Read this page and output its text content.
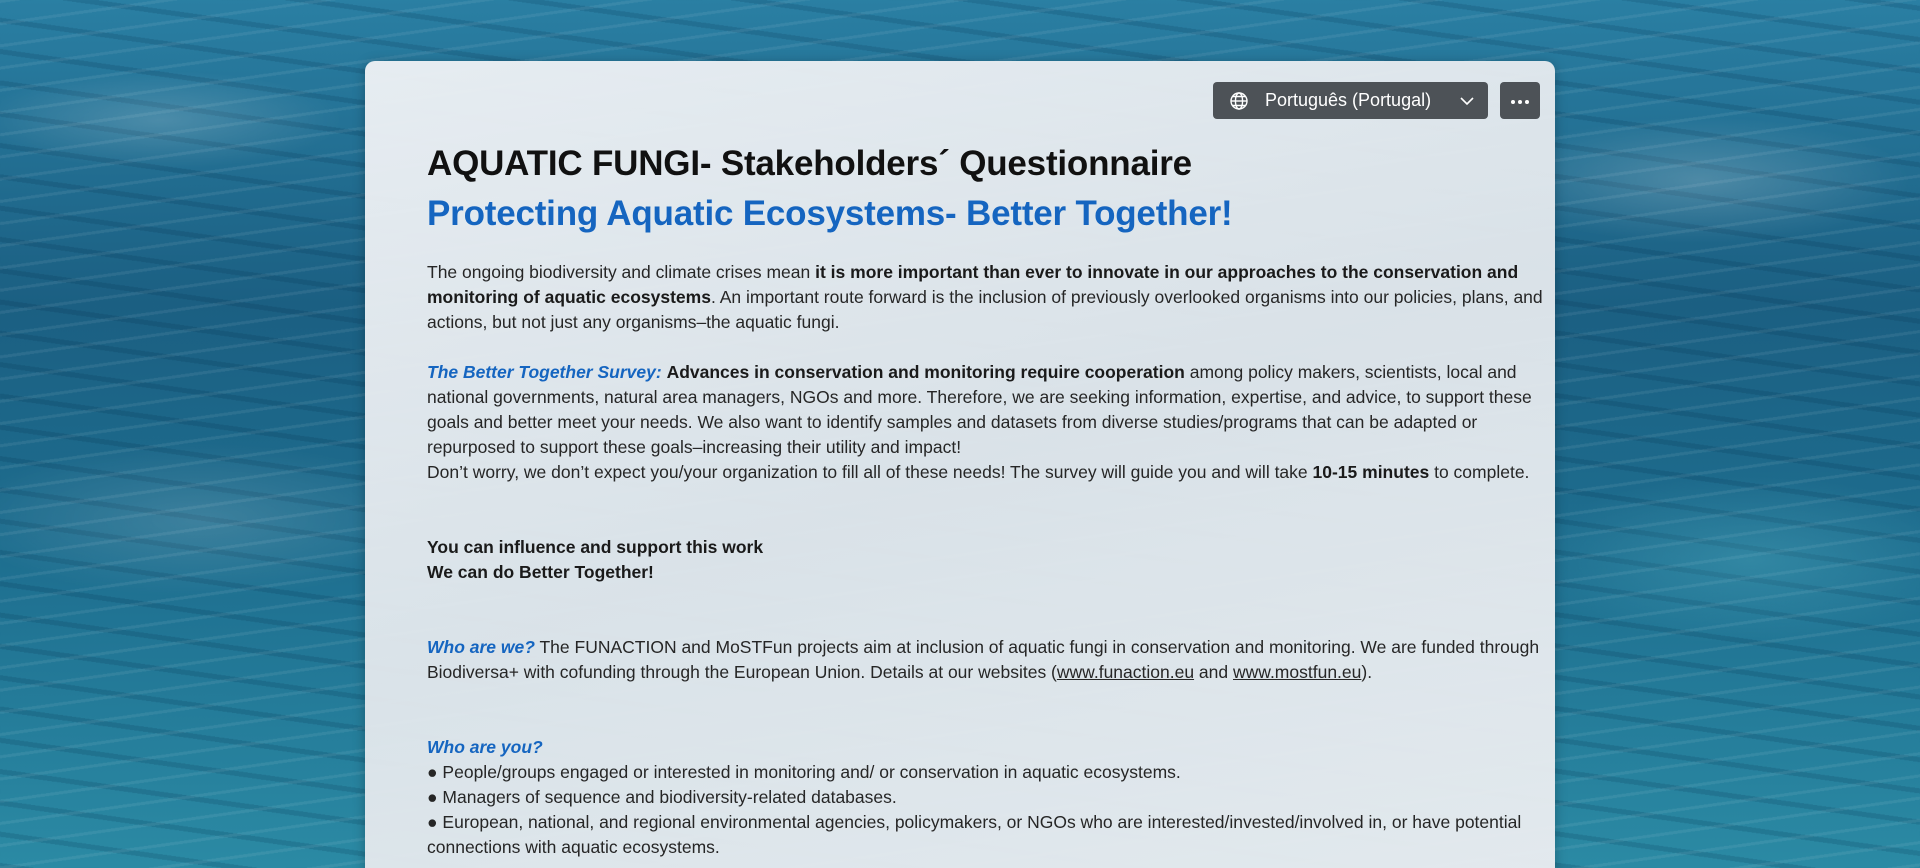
Português (Portugal)
AQUATIC FUNGI- Stakeholders´ Questionnaire
Protecting Aquatic Ecosystems- Better Together!

The ongoing biodiversity and climate crises mean it is more important than ever to innovate in our approaches to the conservation and monitoring of aquatic ecosystems. An important route forward is the inclusion of previously overlooked organisms into our policies, plans, and actions, but not just any organisms–the aquatic fungi.

The Better Together Survey: Advances in conservation and monitoring require cooperation among policy makers, scientists, local and national governments, natural area managers, NGOs and more. Therefore, we are seeking information, expertise, and advice, to support these goals and better meet your needs. We also want to identify samples and datasets from diverse studies/programs that can be adapted or repurposed to support these goals–increasing their utility and impact!
Don’t worry, we don’t expect you/your organization to fill all of these needs! The survey will guide you and will take 10-15 minutes to complete.

You can influence and support this work
We can do Better Together!

Who are we? The FUNACTION and MoSTFun projects aim at inclusion of aquatic fungi in conservation and monitoring. We are funded through Biodiversa+ with cofunding through the European Union. Details at our websites (www.funaction.eu and www.mostfun.eu).

Who are you?
● People/groups engaged or interested in monitoring and/ or conservation in aquatic ecosystems.
● Managers of sequence and biodiversity-related databases.
● European, national, and regional environmental agencies, policymakers, or NGOs who are interested/invested/involved in, or have potential connections with aquatic ecosystems.
